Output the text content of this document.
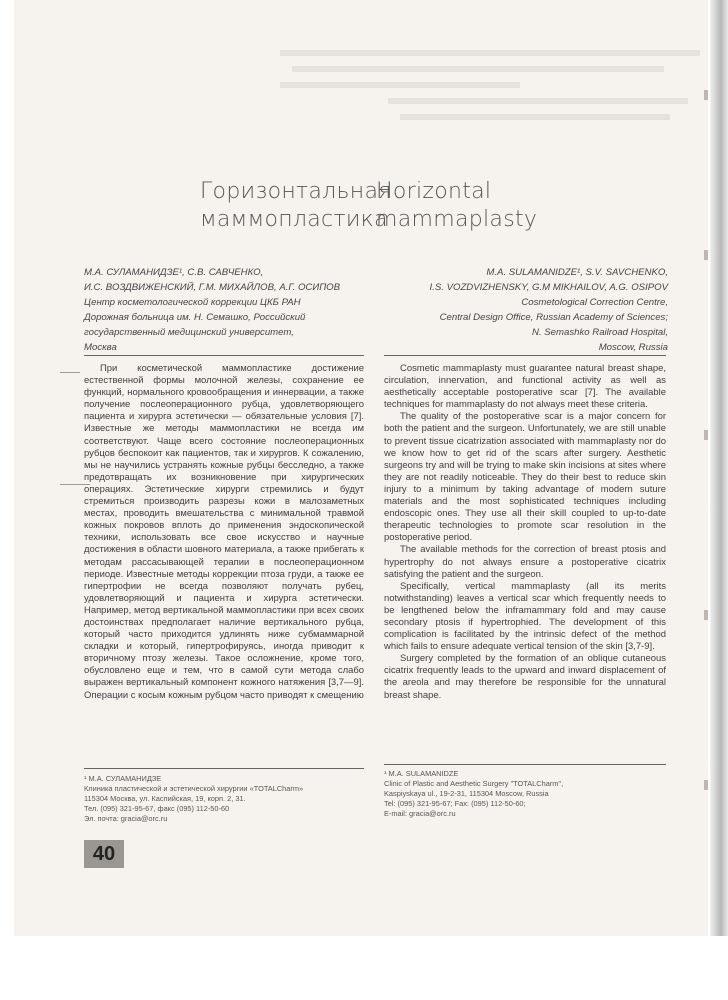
Горизонтальная
маммопластика
Horizontal
mammaplasty
М.А. СУЛАМАНИДЗЕ¹, С.В. САВЧЕНКО,
И.С. ВОЗДВИЖЕНСКИЙ, Г.М. МИХАЙЛОВ, А.Г. ОСИПОВ
Центр косметологической коррекции ЦКБ РАН
Дорожная больница им. Н. Семашко, Российский
государственный медицинский университет,
Москва
M.A. SULAMANIDZE¹, S.V. SAVCHENKO,
I.S. VOZDVIZHENSKY, G.M MIKHAILOV, A.G. OSIPOV
Cosmetological Correction Centre,
Central Design Office, Russian Academy of Sciences;
N. Semashko Railroad Hospital,
Moscow, Russia

При косметической маммопластике достижение естественной формы молочной железы, сохранение ее функций, нормального кровообращения и иннервации, а также получение послеоперационного рубца, удовлетворяющего пациента и хирурга эстетически — обязательные условия [7]. Известные же методы маммопластики не всегда им соответствуют. Чаще всего состояние послеоперационных рубцов беспокоит как пациентов, так и хирургов. К сожалению, мы не научились устранять кожные рубцы бесследно, а также предотвращать их возникновение при хирургических операциях. Эстетические хирурги стремились и будут стремиться производить разрезы кожи в малозаметных местах, проводить вмешательства с минимальной травмой кожных покровов вплоть до применения эндоскопической техники, использовать все свое искусство и научные достижения в области шовного материала, а также прибегать к методам рассасывающей терапии в послеоперационном периоде. Известные методы коррекции птоза груди, а также ее гипертрофии не всегда позволяют получать рубец, удовлетворяющий и пациента и хирурга эстетически. Например, метод вертикальной маммопластики при всех своих достоинствах предполагает наличие вертикального рубца, который часто приходится удлинять ниже субмаммарной складки и который, гипертрофируясь, иногда приводит к вторичному птозу железы. Такое осложнение, кроме того, обусловлено еще и тем, что в самой сути метода слабо выражен вертикальный компонент кожного натяжения [3,7—9]. Операции с косым кожным рубцом часто приводят к смещению

Cosmetic mammaplasty must guarantee natural breast shape, circulation, innervation, and functional activity as well as aesthetically acceptable postoperative scar [7]. The available techniques for mammaplasty do not always meet these criteria.

The quality of the postoperative scar is a major concern for both the patient and the surgeon. Unfortunately, we are still unable to prevent tissue cicatrization associated with mammaplasty nor do we know how to get rid of the scars after surgery. Aesthetic surgeons try and will be trying to make skin incisions at sites where they are not readily noticeable. They do their best to reduce skin injury to a minimum by taking advantage of modern suture materials and the most sophisticated techniques including endoscopic ones. They use all their skill coupled to up-to-date therapeutic technologies to promote scar resolution in the postoperative period.

The available methods for the correction of breast ptosis and hypertrophy do not always ensure a postoperative cicatrix satisfying the patient and the surgeon.

Specifically, vertical mammaplasty (all its merits notwithstanding) leaves a vertical scar which frequently needs to be lengthened below the inframammary fold and may cause secondary ptosis if hypertrophied. The development of this complication is facilitated by the intrinsic defect of the method which fails to ensure adequate vertical tension of the skin [3,7-9].

Surgery completed by the formation of an oblique cutaneous cicatrix frequently leads to the upward and inward displacement of the areola and may therefore be responsible for the unnatural breast shape.

¹ М.А. СУЛАМАНИДЗЕ
Клиника пластической и эстетической хирургии «TOTALCharm»
115304 Москва, ул. Каспийская, 19, корп. 2, 31.
Тел. (095) 321-95-67, факс (095) 112-50-60
Эл. почта: gracia@orc.ru
¹ M.A. SULAMANIDZE
Clinic of Plastic and Aesthetic Surgery "TOTALCharm",
Kaspiyskaya ul., 19-2-31, 115304 Moscow, Russia
Tel: (095) 321-95-67; Fax: (095) 112-50-60;
E-mail: gracia@orc.ru
40
